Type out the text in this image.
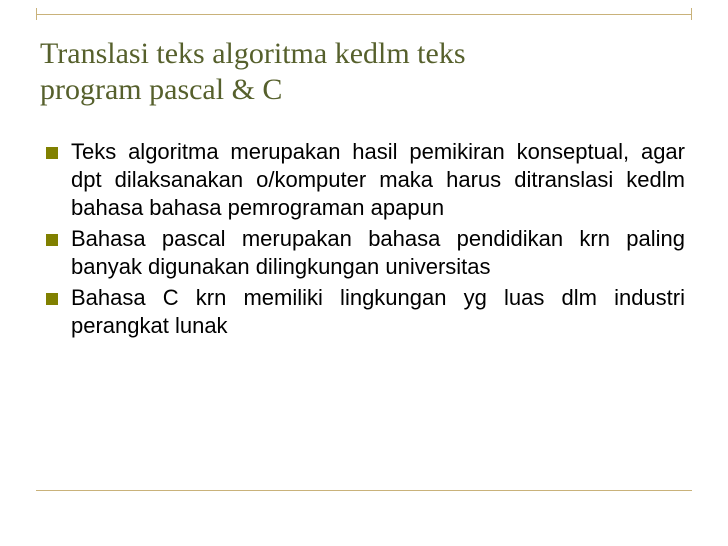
Translasi teks algoritma kedlm teks
program pascal & C
Teks algoritma merupakan hasil pemikiran konseptual, agar dpt dilaksanakan o/komputer maka harus ditranslasi kedlm bahasa bahasa pemrograman apapun
Bahasa pascal merupakan bahasa pendidikan krn paling banyak digunakan dilingkungan universitas
Bahasa C krn memiliki lingkungan yg luas dlm industri perangkat lunak
